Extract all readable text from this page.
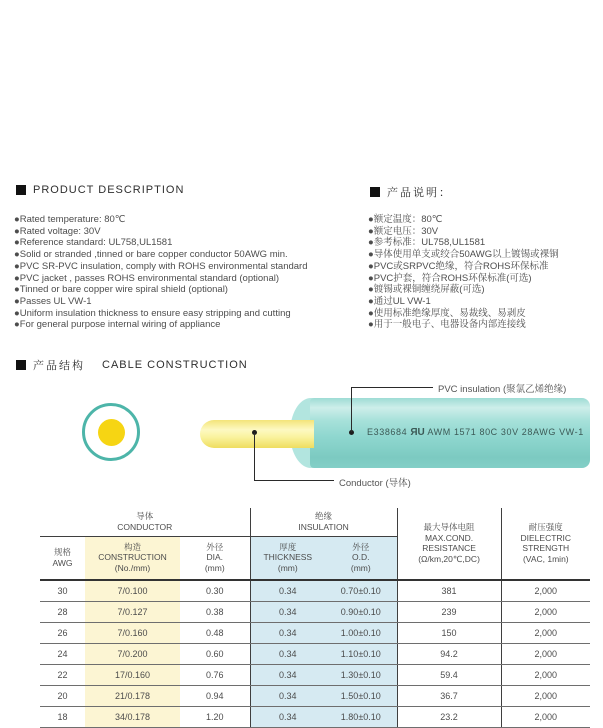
PRODUCT DESCRIPTION
●Rated temperature: 80℃
●Rated voltage: 30V
●Reference standard: UL758,UL1581
●Solid or stranded ,tinned or bare copper conductor 50AWG min.
●PVC SR-PVC insulation, comply with ROHS environmental standard
●PVC jacket , passes ROHS environmental standard (optional)
●Tinned or bare copper wire spiral shield (optional)
●Passes UL VW-1
●Uniform insulation thickness to ensure easy stripping and cutting
●For general purpose internal wiring of appliance
产品说明：
●额定温度：80℃
●额定电压：30V
●参考标准：UL758,UL1581
●导体使用单支或绞合50AWG以上镀锡或裸铜
●PVC或SRPVC绝缘，符合ROHS环保标准
●PVC护套，符合ROHS环保标准(可选)
●镀锡或裸铜缠绕屏蔽(可选)
●通过UL VW-1
●使用标准绝缘厚度、易裁线、易剥皮
●用于一般电子、电器设备内部连接线
产品结构 CABLE CONSTRUCTION
E338684 ЯU AWM 1571 80C 30V 28AWG VW-1
PVC insulation (聚氯乙烯绝缘)
Conductor (导体)
导体
CONDUCTOR			绝缘
INSULATION		最大导体电阻
MAX.COND.
RESISTANCE
(Ω/km,20℃,DC)	耐压强度
DIELECTRIC
STRENGTH
(VAC, 1min)

规格
AWG	构造
CONSTRUCTION
(No./mm)	外径
DIA.
(mm)	厚度
THICKNESS
(mm)	外径
O.D.
(mm)		

30	7/0.100	0.30	0.34	0.70±0.10	381	2,000
28	7/0.127	0.38	0.34	0.90±0.10	239	2,000
26	7/0.160	0.48	0.34	1.00±0.10	150	2,000
24	7/0.200	0.60	0.34	1.10±0.10	94.2	2,000
22	17/0.160	0.76	0.34	1.30±0.10	59.4	2,000
20	21/0.178	0.94	0.34	1.50±0.10	36.7	2,000
18	34/0.178	1.20	0.34	1.80±0.10	23.2	2,000
